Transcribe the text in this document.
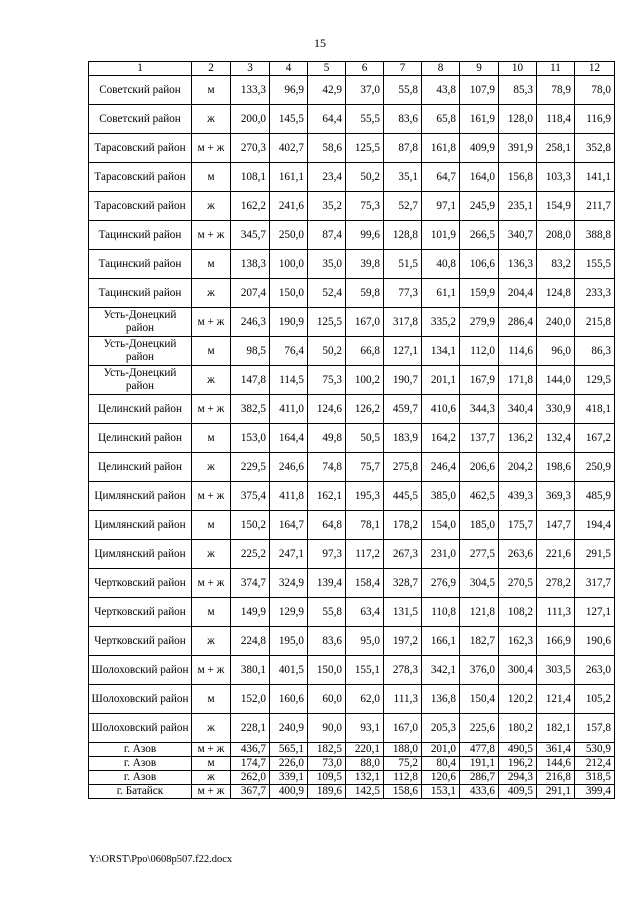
15
1	2	3	4	5	6	7	8	9	10	11	12
Советский район	м	133,3	96,9	42,9	37,0	55,8	43,8	107,9	85,3	78,9	78,0
Советский район	ж	200,0	145,5	64,4	55,5	83,6	65,8	161,9	128,0	118,4	116,9
Тарасовский район	м + ж	270,3	402,7	58,6	125,5	87,8	161,8	409,9	391,9	258,1	352,8
Тарасовский район	м	108,1	161,1	23,4	50,2	35,1	64,7	164,0	156,8	103,3	141,1
Тарасовский район	ж	162,2	241,6	35,2	75,3	52,7	97,1	245,9	235,1	154,9	211,7
Тацинский район	м + ж	345,7	250,0	87,4	99,6	128,8	101,9	266,5	340,7	208,0	388,8
Тацинский район	м	138,3	100,0	35,0	39,8	51,5	40,8	106,6	136,3	83,2	155,5
Тацинский район	ж	207,4	150,0	52,4	59,8	77,3	61,1	159,9	204,4	124,8	233,3
Усть-Донецкий район	м + ж	246,3	190,9	125,5	167,0	317,8	335,2	279,9	286,4	240,0	215,8
Усть-Донецкий район	м	98,5	76,4	50,2	66,8	127,1	134,1	112,0	114,6	96,0	86,3
Усть-Донецкий район	ж	147,8	114,5	75,3	100,2	190,7	201,1	167,9	171,8	144,0	129,5
Целинский район	м + ж	382,5	411,0	124,6	126,2	459,7	410,6	344,3	340,4	330,9	418,1
Целинский район	м	153,0	164,4	49,8	50,5	183,9	164,2	137,7	136,2	132,4	167,2
Целинский район	ж	229,5	246,6	74,8	75,7	275,8	246,4	206,6	204,2	198,6	250,9
Цимлянский район	м + ж	375,4	411,8	162,1	195,3	445,5	385,0	462,5	439,3	369,3	485,9
Цимлянский район	м	150,2	164,7	64,8	78,1	178,2	154,0	185,0	175,7	147,7	194,4
Цимлянский район	ж	225,2	247,1	97,3	117,2	267,3	231,0	277,5	263,6	221,6	291,5
Чертковский район	м + ж	374,7	324,9	139,4	158,4	328,7	276,9	304,5	270,5	278,2	317,7
Чертковский район	м	149,9	129,9	55,8	63,4	131,5	110,8	121,8	108,2	111,3	127,1
Чертковский район	ж	224,8	195,0	83,6	95,0	197,2	166,1	182,7	162,3	166,9	190,6
Шолоховский район	м + ж	380,1	401,5	150,0	155,1	278,3	342,1	376,0	300,4	303,5	263,0
Шолоховский район	м	152,0	160,6	60,0	62,0	111,3	136,8	150,4	120,2	121,4	105,2
Шолоховский район	ж	228,1	240,9	90,0	93,1	167,0	205,3	225,6	180,2	182,1	157,8
г. Азов	м + ж	436,7	565,1	182,5	220,1	188,0	201,0	477,8	490,5	361,4	530,9
г. Азов	м	174,7	226,0	73,0	88,0	75,2	80,4	191,1	196,2	144,6	212,4
г. Азов	ж	262,0	339,1	109,5	132,1	112,8	120,6	286,7	294,3	216,8	318,5
г. Батайск	м + ж	367,7	400,9	189,6	142,5	158,6	153,1	433,6	409,5	291,1	399,4
Y:\ORST\Ppo\0608p507.f22.docx
